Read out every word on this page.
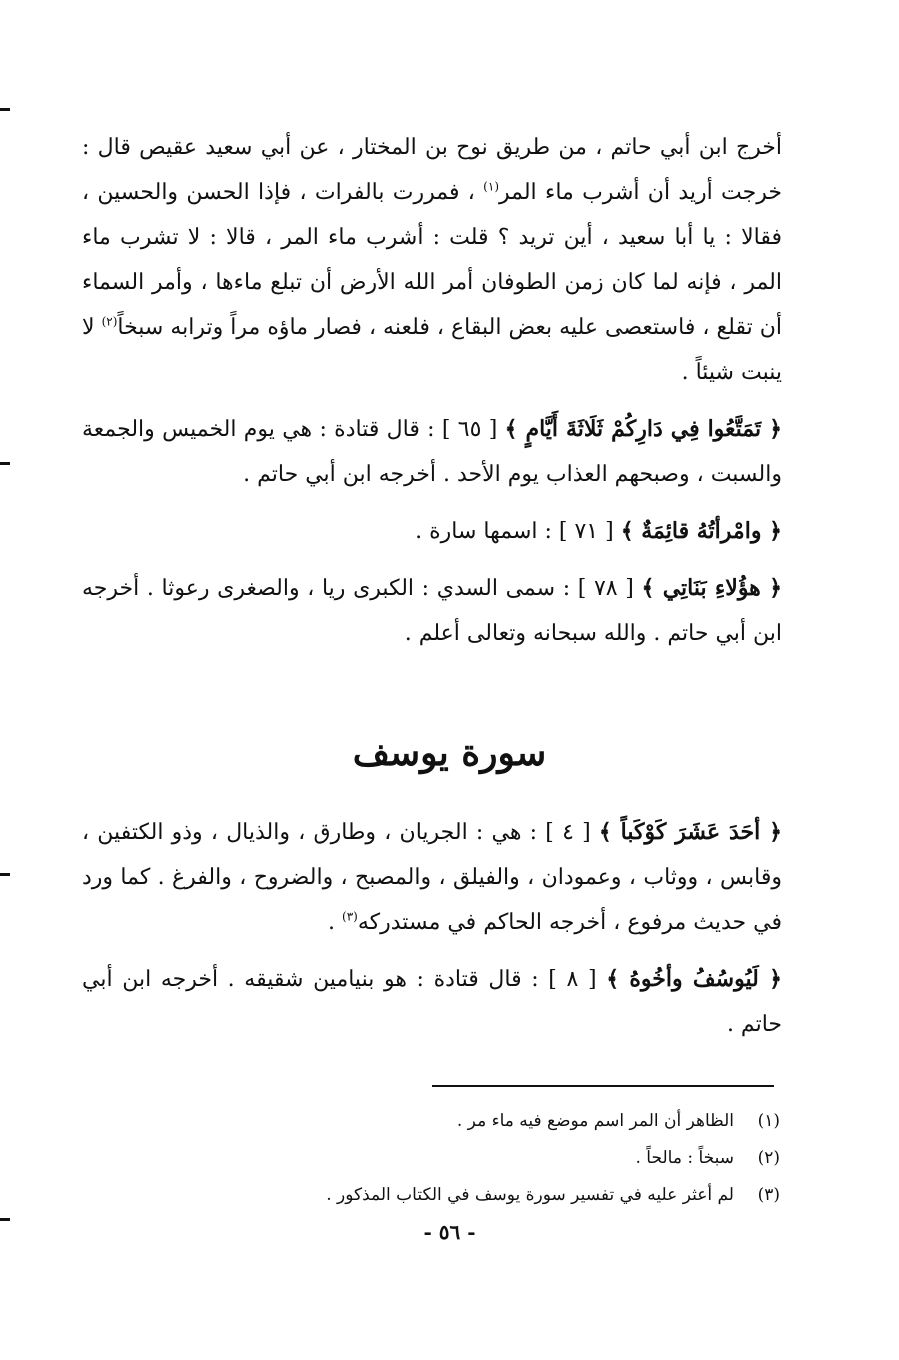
أخرج ابن أبي حاتم ، من طريق نوح بن المختار ، عن أبي سعيد عقيص قال : خرجت أريد أن أشرب ماء المر$^{(١)}$ ، فمررت بالفرات ، فإذا الحسن والحسين ، فقالا : يا أبا سعيد ، أين تريد ؟ قلت : أشرب ماء المر ، قالا : لا تشرب ماء المر ، فإنه لما كان زمن الطوفان أمر الله الأرض أن تبلع ماءها ، وأمر السماء أن تقلع ، فاستعصى عليه بعض البقاع ، فلعنه ، فصار ماؤه مراً وترابه سبخاً$^{(٢)}$ لا ينبت شيئاً .

﴿ تَمَتَّعُوا فِي دَارِكُمْ ثَلَاثَةَ أَيَّامٍ ﴾ [ ٦٥ ] : قال قتادة : هي يوم الخميس والجمعة والسبت ، وصبحهم العذاب يوم الأحد . أخرجه ابن أبي حاتم .

﴿ وامْرأتُهُ قائِمَةٌ ﴾ [ ٧١ ] : اسمها سارة .

﴿ هؤُلاءِ بَنَاتِي ﴾ [ ٧٨ ] : سمى السدي : الكبرى ريا ، والصغرى رعوثا . أخرجه ابن أبي حاتم . والله سبحانه وتعالى أعلم .

سورة يوسف

﴿ أحَدَ عَشَرَ كَوْكَباً ﴾ [ ٤ ] : هي : الجريان ، وطارق ، والذيال ، وذو الكتفين ، وقابس ، ووثاب ، وعمودان ، والفيلق ، والمصبح ، والضروح ، والفرغ . كما ورد في حديث مرفوع ، أخرجه الحاكم في مستدركه$^{(٣)}$ .

﴿ لَيُوسُفُ وأخُوهُ ﴾ [ ٨ ] : قال قتادة : هو بنيامين شقيقه . أخرجه ابن أبي حاتم .

(١)
الظاهر أن المر اسم موضع فيه ماء مر .
(٢)
سبخاً : مالحاً .
(٣)
لم أعثر عليه في تفسير سورة يوسف في الكتاب المذكور .
- ٥٦ -
